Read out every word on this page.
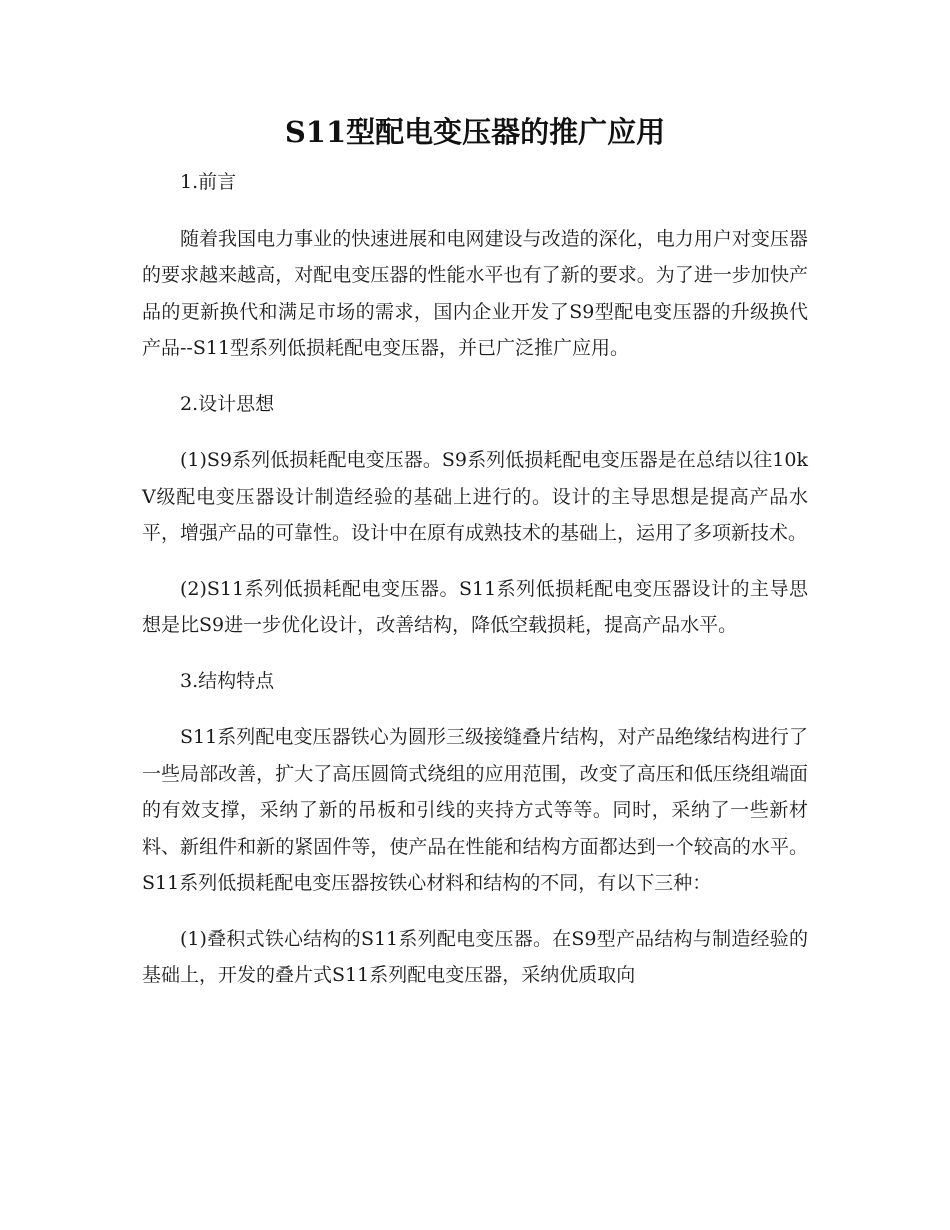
S11型配电变压器的推广应用

1.前言

随着我国电力事业的快速进展和电网建设与改造的深化，电力用户对变压器的要求越来越高，对配电变压器的性能水平也有了新的要求。为了进一步加快产品的更新换代和满足市场的需求，国内企业开发了S9型配电变压器的升级换代产品--S11型系列低损耗配电变压器，并已广泛推广应用。

2.设计思想

(1)S9系列低损耗配电变压器。S9系列低损耗配电变压器是在总结以往10kV级配电变压器设计制造经验的基础上进行的。设计的主导思想是提高产品水平，增强产品的可靠性。设计中在原有成熟技术的基础上，运用了多项新技术。

(2)S11系列低损耗配电变压器。S11系列低损耗配电变压器设计的主导思想是比S9进一步优化设计，改善结构，降低空载损耗，提高产品水平。

3.结构特点

S11系列配电变压器铁心为圆形三级接缝叠片结构，对产品绝缘结构进行了一些局部改善，扩大了高压圆筒式绕组的应用范围，改变了高压和低压绕组端面的有效支撑，采纳了新的吊板和引线的夹持方式等等。同时，采纳了一些新材料、新组件和新的紧固件等，使产品在性能和结构方面都达到一个较高的水平。S11系列低损耗配电变压器按铁心材料和结构的不同，有以下三种：

(1)叠积式铁心结构的S11系列配电变压器。在S9型产品结构与制造经验的基础上，开发的叠片式S11系列配电变压器，采纳优质取向
